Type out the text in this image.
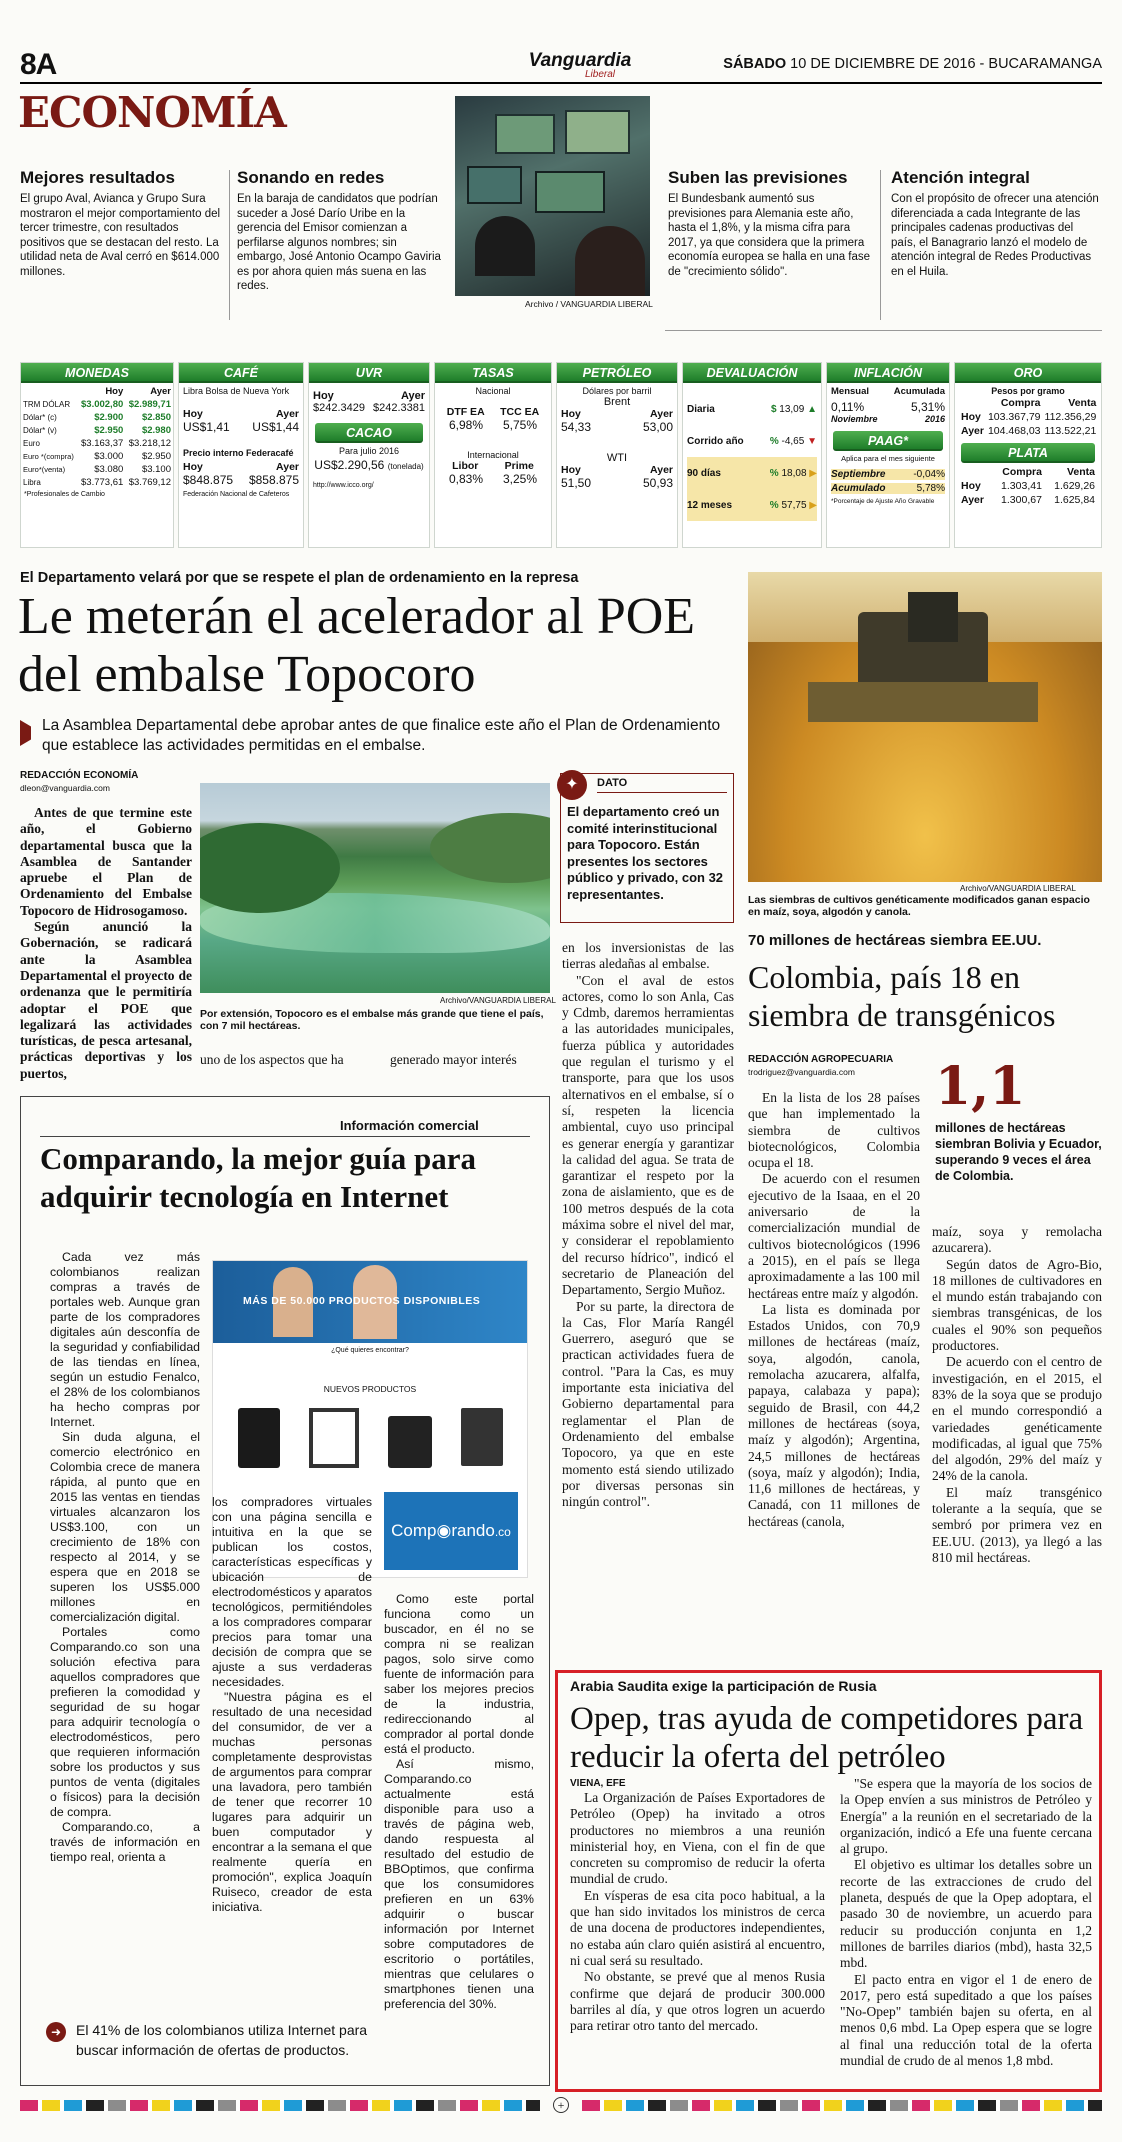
8A	Vanguardia
Liberal
SÁBADO 10 DE DICIEMBRE DE 2016 - BUCARAMANGA
ECONOMÍA
Mejores resultados

El grupo Aval, Avianca y Grupo Sura mostraron el mejor comportamiento del tercer trimestre, con resultados positivos que se destacan del resto. La utilidad neta de Aval cerró en $614.000 millones.

Sonando en redes

En la baraja de candidatos que podrían suceder a José Darío Uribe en la gerencia del Emisor comienzan a perfilarse algunos nombres; sin embargo, José Antonio Ocampo Gaviria es por ahora quien más suena en las redes.

Archivo / VANGUARDIA LIBERAL
Suben las previsiones

El Bundesbank aumentó sus previsiones para Alemania este año, hasta el 1,8%, y la misma cifra para 2017, ya que considera que la primera economía europea se halla en una fase de "crecimiento sólido".

Atención integral

Con el propósito de ofrecer una atención diferenciada a cada Integrante de las principales cadenas productivas del país, el Banagrario lanzó el modelo de atención integral de Redes Productivas en el Huila.

MONEDAS
	Hoy	Ayer
TRM DÓLAR	$3.002,80	$2.989,71
Dólar* (c)	$2.900	$2.850
Dólar* (v)	$2.950	$2.980
Euro	$3.163,37	$3.218,12
Euro *(compra)	$3.000	$2.950
Euro*(venta)	$3.080	$3.100
Libra	$3.773,61	$3.769,12
*Profesionales de Cambio
CAFÉ
Libra Bolsa de Nueva York
Hoy	Ayer
US$1,41 US$1,44
Precio interno Federacafé
Hoy	Ayer
$848.875 $858.875
Federación Nacional de Cafeteros
UVR
Hoy	Ayer
$242.3429 $242.3381
CACAO
Para julio 2016
US$2.290,56 (tonelada)
http://www.icco.org/
TASAS
Nacional
DTF EA TCC EA
6,98% 5,75%
Internacional
Libor	Prime
0,83% 3,25%
PETRÓLEO
Dólares por barril
Brent
Hoy	Ayer
54,33	53,00
WTI
Hoy	Ayer
51,50	50,93
DEVALUACIÓN
Diaria	$ 13,09 ▲
Corrido año	% -4,65 ▼
90 días	% 18,08 ▶
12 meses	% 57,75 ▶
INFLACIÓN
Mensual	Acumulada
0,11%	5,31%
Noviembre	2016
PAAG*
Aplica para el mes siguiente
Septiembre	-0,04%
Acumulado	5,78%
*Porcentaje de Ajuste Año Gravable
ORO
Pesos por gramo
	Compra	Venta
Hoy	103.367,79	112.356,29
Ayer	104.468,03	113.522,21
PLATA
	Compra	Venta
Hoy	1.303,41	1.629,26
Ayer	1.300,67	1.625,84
El Departamento velará por que se respete el plan de ordenamiento en la represa
Le meterán el acelerador al POE del embalse Topocoro
La Asamblea Departamental debe aprobar antes de que finalice este año el Plan de Ordenamiento que establece las actividades permitidas en el embalse.
REDACCIÓN ECONOMÍA
dleon@vanguardia.com

Antes de que termine este año, el Gobierno departamental busca que la Asamblea de Santander apruebe el Plan de Ordenamiento del Embalse Topocoro de Hidrosogamoso.

Según anunció la Gobernación, se radicará ante la Asamblea Departamental el proyecto de ordenanza que le permitiría adoptar el POE que legalizará las actividades turísticas, de pesca artesanal, prácticas deportivas y los puertos,

Archivo/VANGUARDIA LIBERAL
Por extensión, Topocoro es el embalse más grande que tiene el país, con 7 mil hectáreas.
uno de los aspectos que ha	generado mayor interés
✦	DATO
El departamento creó un comité interinstitucional para Topocoro. Están presentes los sectores público y privado, con 32 representantes.

en los inversionistas de las tierras aledañas al embalse.

"Con el aval de estos actores, como lo son Anla, Cas y Cdmb, daremos herramientas a las autoridades municipales, fuerza pública y autoridades que regulan el turismo y el transporte, para que los usos alternativos en el embalse, sí o sí, respeten la licencia ambiental, cuyo uso principal es generar energía y garantizar la calidad del agua. Se trata de garantizar el respeto por la zona de aislamiento, que es de 100 metros después de la cota máxima sobre el nivel del mar, y considerar el repoblamiento del recurso hídrico", indicó el secretario de Planeación del Departamento, Sergio Muñoz.

Por su parte, la directora de la Cas, Flor María Rangél Guerrero, aseguró que se practican actividades fuera de control. "Para la Cas, es muy importante esta iniciativa del Gobierno departamental para reglamentar el Plan de Ordenamiento del embalse Topocoro, ya que en este momento está siendo utilizado por diversas personas sin ningún control".

Archivo/VANGUARDIA LIBERAL
Las siembras de cultivos genéticamente modificados ganan espacio en maíz, soya, algodón y canola.
70 millones de hectáreas siembra EE.UU.
Colombia, país 18 en siembra de transgénicos
REDACCIÓN AGROPECUARIA
trodriguez@vanguardia.com	1,1
millones de hectáreas siembran Bolivia y Ecuador, superando 9 veces el área de Colombia.

En la lista de los 28 países que han implementado la siembra de cultivos biotecnológicos, Colombia ocupa el 18.

De acuerdo con el resumen ejecutivo de la Isaaa, en el 20 aniversario de la comercialización mundial de cultivos biotecnológicos (1996 a 2015), en el país se llega aproximadamente a las 100 mil hectáreas entre maíz y algodón.

La lista es dominada por Estados Unidos, con 70,9 millones de hectáreas (maíz, soya, algodón, canola, remolacha azucarera, alfalfa, papaya, calabaza y papa); seguido de Brasil, con 44,2 millones de hectáreas (soya, maíz y algodón); Argentina, 24,5 millones de hectáreas (soya, maíz y algodón); India, 11,6 millones de hectáreas, y Canadá, con 11 millones de hectáreas (canola,

maíz, soya y remolacha azucarera).

Según datos de Agro-Bio, 18 millones de cultivadores en el mundo están trabajando con siembras transgénicas, de los cuales el 90% son pequeños productores.

De acuerdo con el centro de investigación, en el 2015, el 83% de la soya que se produjo en el mundo correspondió a variedades genéticamente modificadas, al igual que 75% del algodón, 29% del maíz y 24% de la canola.

El maíz transgénico tolerante a la sequía, que se sembró por primera vez en EE.UU. (2013), ya llegó a las 810 mil hectáreas.

Información comercial
Comparando, la mejor guía para adquirir tecnología en Internet

Cada vez más colombianos realizan compras a través de portales web. Aunque gran parte de los compradores digitales aún desconfía de la seguridad y confiabilidad de las tiendas en línea, según un estudio Fenalco, el 28% de los colombianos ha hecho compras por Internet.

Sin duda alguna, el comercio electrónico en Colombia crece de manera rápida, al punto que en 2015 las ventas en tiendas virtuales alcanzaron los US$3.100, con un crecimiento de 18% con respecto al 2014, y se espera que en 2018 se superen los US$5.000 millones en comercialización digital.

Portales como Comparando.co son una solución efectiva para aquellos compradores que prefieren la comodidad y seguridad de su hogar para adquirir tecnología o electrodomésticos, pero que requieren información sobre los productos y sus puntos de venta (digitales o físicos) para la decisión de compra.

Comparando.co, a través de información en tiempo real, orienta a

MÁS DE 50.000 PRODUCTOS DISPONIBLES
¿Qué quieres encontrar?
NUEVOS PRODUCTOS
Comp◉rando.co

los compradores virtuales con una página sencilla e intuitiva en la que se publican los costos, características específicas y ubicación de electrodomésticos y aparatos tecnológicos, permitiéndoles a los compradores comparar precios para tomar una decisión de compra que se ajuste a sus verdaderas necesidades.

"Nuestra página es el resultado de una necesidad del consumidor, de ver a muchas personas completamente desprovistas de argumentos para comprar una lavadora, pero también de tener que recorrer 10 lugares para adquirir un buen computador y encontrar a la semana el que realmente quería en promoción", explica Joaquín Ruiseco, creador de esta iniciativa.

Como este portal funciona como un buscador, en él no se compra ni se realizan pagos, solo sirve como fuente de información para saber los mejores precios de la industria, redireccionando al comprador al portal donde está el producto.

Así mismo, Comparando.co actualmente está disponible para uso a través de página web, dando respuesta al resultado del estudio de BBOptimos, que confirma que los consumidores prefieren en un 63% adquirir o buscar información por Internet sobre computadores de escritorio o portátiles, mientras que celulares o smartphones tienen una preferencia del 30%.

➜	El 41% de los colombianos utiliza Internet para buscar información de ofertas de productos.
Arabia Saudita exige la participación de Rusia
Opep, tras ayuda de competidores para reducir la oferta del petróleo
VIENA, EFE

La Organización de Países Exportadores de Petróleo (Opep) ha invitado a otros productores no miembros a una reunión ministerial hoy, en Viena, con el fin de que concreten su compromiso de reducir la oferta mundial de crudo.

En vísperas de esa cita poco habitual, a la que han sido invitados los ministros de cerca de una docena de productores independientes, no estaba aún claro quién asistirá al encuentro, ni cual será su resultado.

No obstante, se prevé que al menos Rusia confirme que dejará de producir 300.000 barriles al día, y que otros logren un acuerdo para retirar otro tanto del mercado.

"Se espera que la mayoría de los socios de la Opep envíen a sus ministros de Petróleo y Energía" a la reunión en el secretariado de la organización, indicó a Efe una fuente cercana al grupo.

El objetivo es ultimar los detalles sobre un recorte de las extracciones de crudo del planeta, después de que la Opep adoptara, el pasado 30 de noviembre, un acuerdo para reducir su producción conjunta en 1,2 millones de barriles diarios (mbd), hasta 32,5 mbd.

El pacto entra en vigor el 1 de enero de 2017, pero está supeditado a que los países "No-Opep" también bajen su oferta, en al menos 0,6 mbd. La Opep espera que se logre al final una reducción total de la oferta mundial de crudo de al menos 1,8 mbd.

+
